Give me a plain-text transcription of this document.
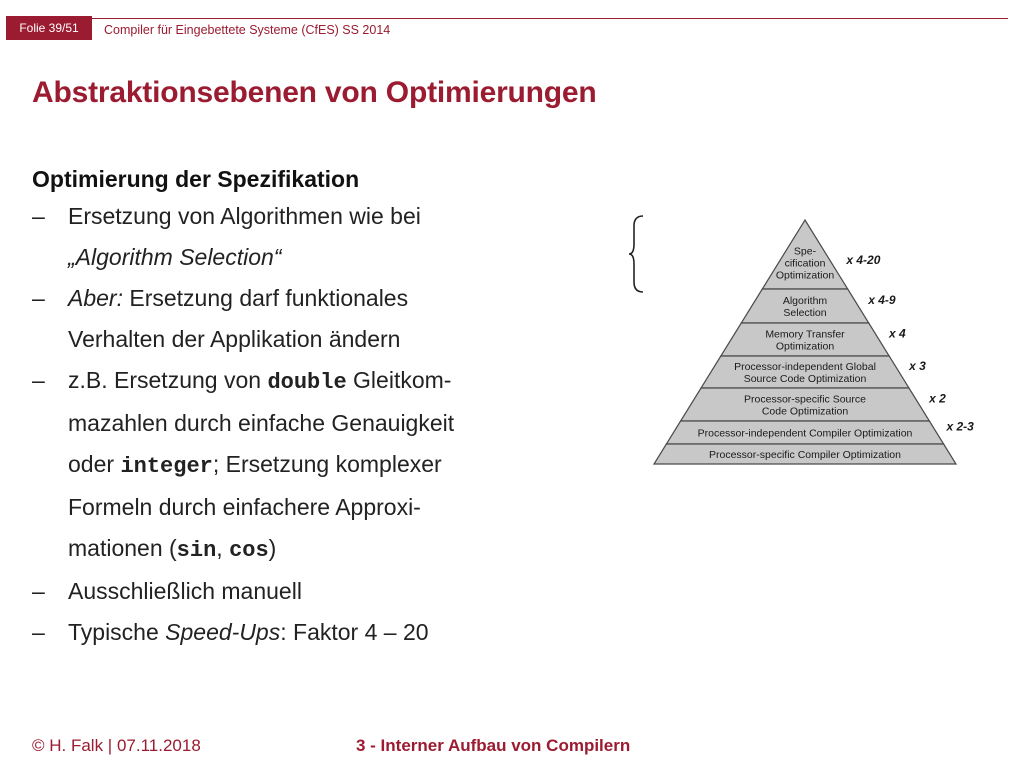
Folie 39/51	Compiler für Eingebettete Systeme (CfES) SS 2014
Abstraktionsebenen von Optimierungen
Optimierung der Spezifikation
– Ersetzung von Algorithmen wie bei
„Algorithm Selection“
– Aber: Ersetzung darf funktionales
Verhalten der Applikation ändern
– z.B. Ersetzung von double Gleitkom-
mazahlen durch einfache Genauigkeit
oder integer; Ersetzung komplexer
Formeln durch einfachere Approxi-
mationen (sin, cos)
– Ausschließlich manuell
– Typische Speed-Ups: Faktor 4 – 20
Spe-
cification
Optimization
x 4-20
Algorithm
Selection
x 4-9
Memory Transfer
Optimization
x 4
Processor-independent Global
Source Code Optimization
x 3
Processor-specific Source
Code Optimization
x 2
Processor-independent Compiler Optimization	x 2-3
Processor-specific Compiler Optimization
© H. Falk | 07.11.2018	3 - Interner Aufbau von Compilern
